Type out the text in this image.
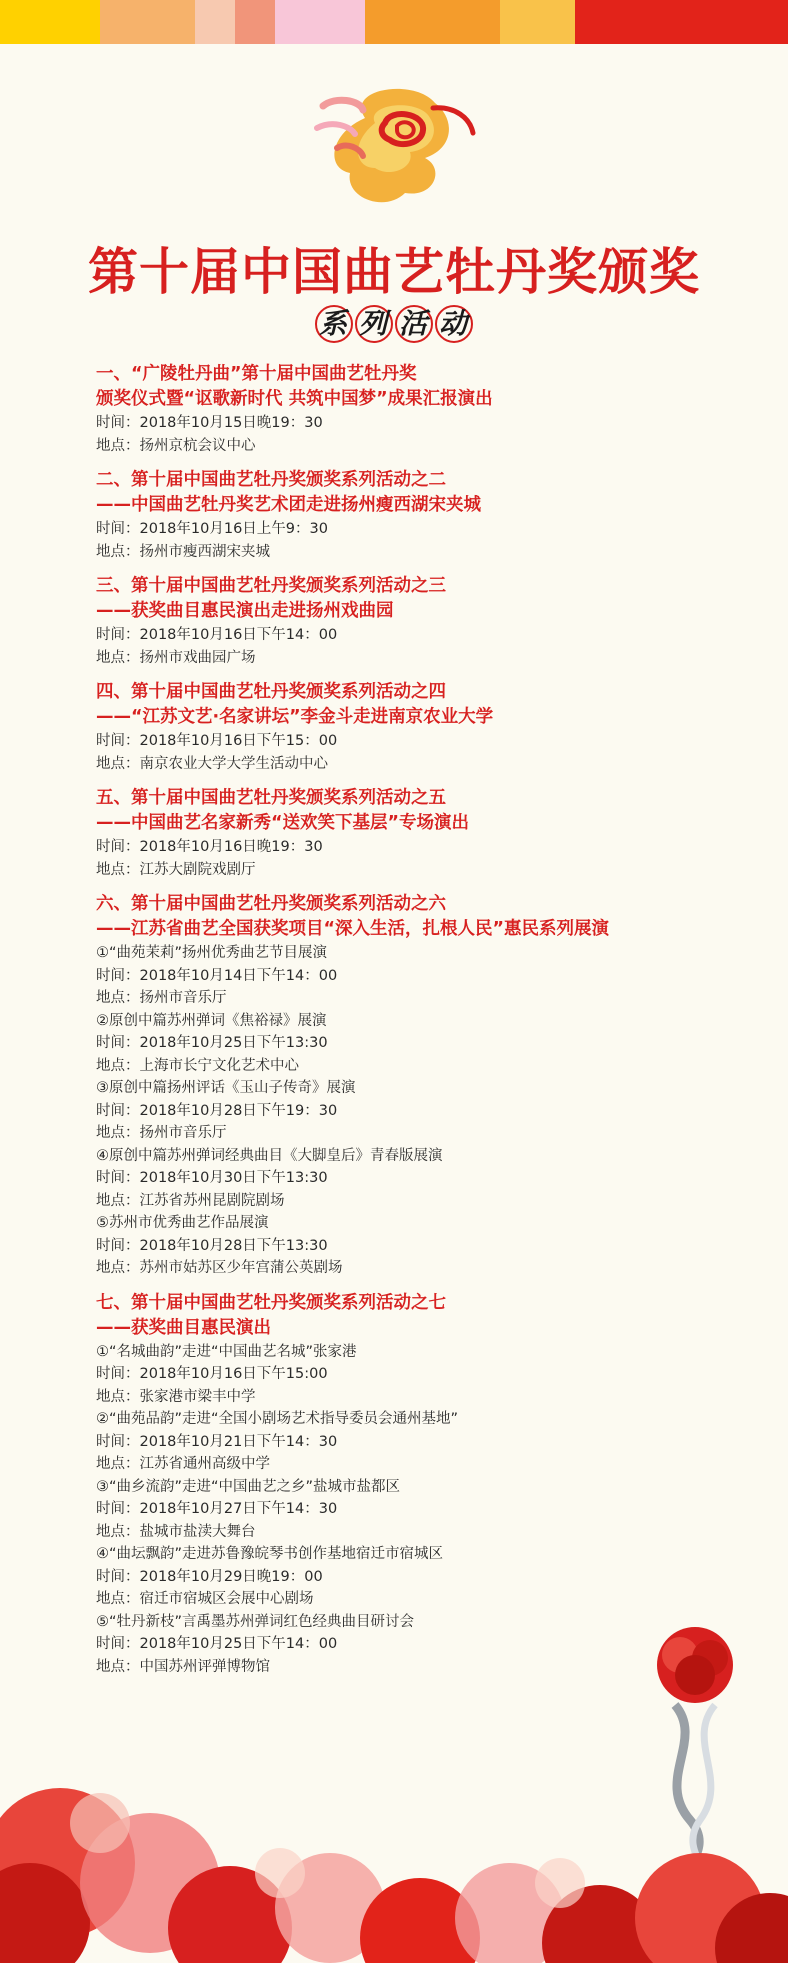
第十届中国曲艺牡丹奖颁奖
系 列 活 动
一、“广陵牡丹曲”第十届中国曲艺牡丹奖
颁奖仪式暨“讴歌新时代 共筑中国梦”成果汇报演出
时间：2018年10月15日晚19：30
地点：扬州京杭会议中心
二、第十届中国曲艺牡丹奖颁奖系列活动之二
——中国曲艺牡丹奖艺术团走进扬州瘦西湖宋夹城
时间：2018年10月16日上午9：30
地点：扬州市瘦西湖宋夹城
三、第十届中国曲艺牡丹奖颁奖系列活动之三
——获奖曲目惠民演出走进扬州戏曲园
时间：2018年10月16日下午14：00
地点：扬州市戏曲园广场
四、第十届中国曲艺牡丹奖颁奖系列活动之四
——“江苏文艺·名家讲坛”李金斗走进南京农业大学
时间：2018年10月16日下午15：00
地点：南京农业大学大学生活动中心
五、第十届中国曲艺牡丹奖颁奖系列活动之五
——中国曲艺名家新秀“送欢笑下基层”专场演出
时间：2018年10月16日晚19：30
地点：江苏大剧院戏剧厅
六、第十届中国曲艺牡丹奖颁奖系列活动之六
——江苏省曲艺全国获奖项目“深入生活，扎根人民”惠民系列展演
①“曲苑茉莉”扬州优秀曲艺节目展演
时间：2018年10月14日下午14：00
地点：扬州市音乐厅
②原创中篇苏州弹词《焦裕禄》展演
时间：2018年10月25日下午13:30
地点：上海市长宁文化艺术中心
③原创中篇扬州评话《玉山子传奇》展演
时间：2018年10月28日下午19：30
地点：扬州市音乐厅
④原创中篇苏州弹词经典曲目《大脚皇后》青春版展演
时间：2018年10月30日下午13:30
地点：江苏省苏州昆剧院剧场
⑤苏州市优秀曲艺作品展演
时间：2018年10月28日下午13:30
地点：苏州市姑苏区少年宫蒲公英剧场
七、第十届中国曲艺牡丹奖颁奖系列活动之七
——获奖曲目惠民演出
①“名城曲韵”走进“中国曲艺名城”张家港
时间：2018年10月16日下午15:00
地点：张家港市梁丰中学
②“曲苑品韵”走进“全国小剧场艺术指导委员会通州基地”
时间：2018年10月21日下午14：30
地点：江苏省通州高级中学
③“曲乡流韵”走进“中国曲艺之乡”盐城市盐都区
时间：2018年10月27日下午14：30
地点：盐城市盐渎大舞台
④“曲坛飘韵”走进苏鲁豫皖琴书创作基地宿迁市宿城区
时间：2018年10月29日晚19：00
地点：宿迁市宿城区会展中心剧场
⑤“牡丹新枝”言禹墨苏州弹词红色经典曲目研讨会
时间：2018年10月25日下午14：00
地点：中国苏州评弹博物馆
